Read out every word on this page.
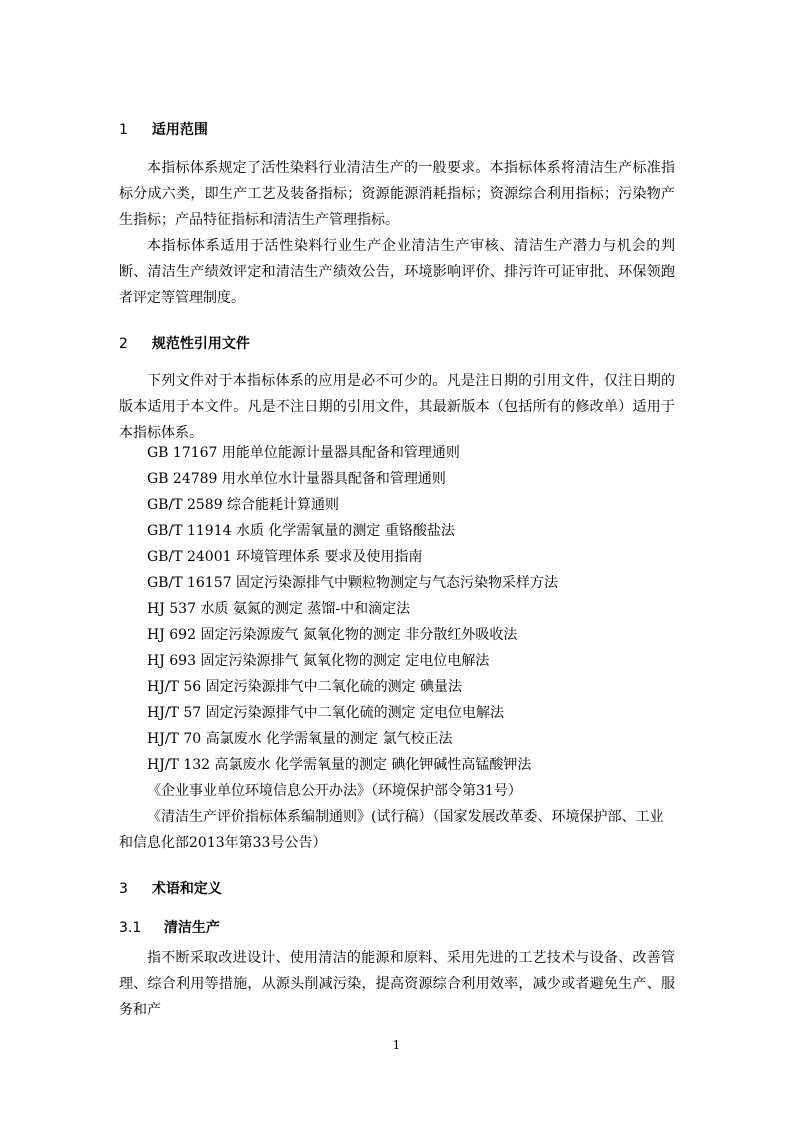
1 适用范围

本指标体系规定了活性染料行业清洁生产的一般要求。本指标体系将清洁生产标准指标分成六类，即生产工艺及装备指标；资源能源消耗指标；资源综合利用指标；污染物产生指标；产品特征指标和清洁生产管理指标。

本指标体系适用于活性染料行业生产企业清洁生产审核、清洁生产潜力与机会的判断、清洁生产绩效评定和清洁生产绩效公告，环境影响评价、排污许可证审批、环保领跑者评定等管理制度。

2 规范性引用文件

下列文件对于本指标体系的应用是必不可少的。凡是注日期的引用文件，仅注日期的版本适用于本文件。凡是不注日期的引用文件，其最新版本（包括所有的修改单）适用于本指标体系。

GB 17167 用能单位能源计量器具配备和管理通则
GB 24789 用水单位水计量器具配备和管理通则
GB/T 2589 综合能耗计算通则
GB/T 11914 水质 化学需氧量的测定 重铬酸盐法
GB/T 24001 环境管理体系 要求及使用指南
GB/T 16157 固定污染源排气中颗粒物测定与气态污染物采样方法
HJ 537 水质 氨氮的测定 蒸馏-中和滴定法
HJ 692 固定污染源废气 氮氧化物的测定 非分散红外吸收法
HJ 693 固定污染源排气 氮氧化物的测定 定电位电解法
HJ/T 56 固定污染源排气中二氧化硫的测定 碘量法
HJ/T 57 固定污染源排气中二氧化硫的测定 定电位电解法
HJ/T 70 高氯废水 化学需氧量的测定 氯气校正法
HJ/T 132 高氯废水 化学需氧量的测定 碘化钾碱性高锰酸钾法
《企业事业单位环境信息公开办法》（环境保护部令第31号）

《清洁生产评价指标体系编制通则》(试行稿）（国家发展改革委、环境保护部、工业和信息化部2013年第33号公告）

3 术语和定义
3.1 清洁生产

指不断采取改进设计、使用清洁的能源和原料、采用先进的工艺技术与设备、改善管理、综合利用等措施，从源头削减污染，提高资源综合利用效率，减少或者避免生产、服务和产

1
